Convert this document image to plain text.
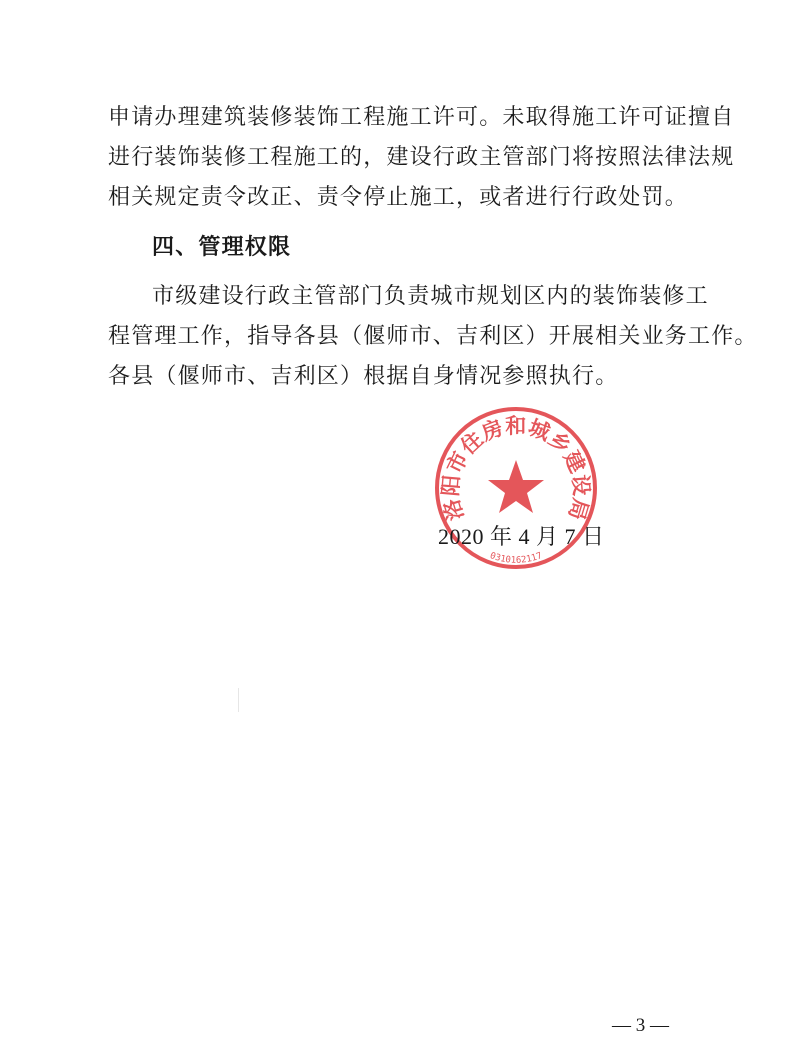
申请办理建筑装修装饰工程施工许可。未取得施工许可证擅自

进行装饰装修工程施工的，建设行政主管部门将按照法律法规

相关规定责令改正、责令停止施工，或者进行行政处罚。

四、管理权限

市级建设行政主管部门负责城市规划区内的装饰装修工

程管理工作，指导各县（偃师市、吉利区）开展相关业务工作。

各县（偃师市、吉利区）根据自身情况参照执行。

洛阳市住房和城乡建设局
0310162117

2020 年 4 月 7 日

— 3 —
